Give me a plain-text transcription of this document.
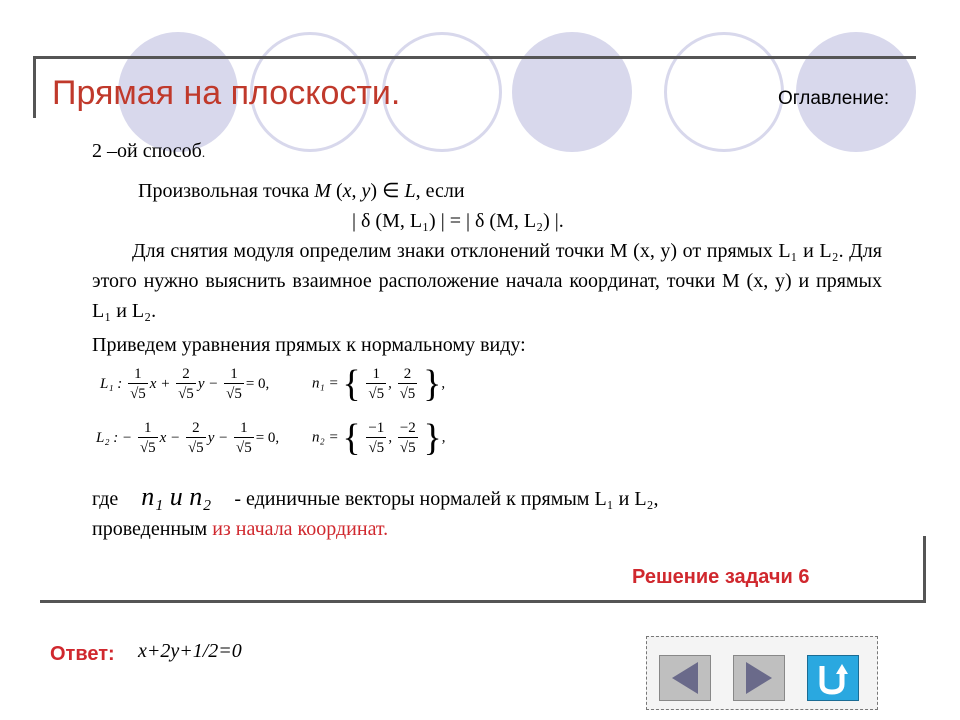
Прямая на плоскости.	Оглавление:
2 –ой способ.
Произвольная точка M (x, y) ∈ L, если
| δ (M, L₁) | = | δ (M, L₂) |.
Для снятия модуля определим знаки отклонений точки M (x, y) от прямых L₁ и L₂. Для этого нужно выяснить взаимное расположение начала координат, точки M (x, y) и прямых L₁ и L₂.
Приведем уравнения прямых к нормальному виду:
L₁ : $\frac{1}{√5}$ $x + \frac{2}{√5}$ $y - \frac{1}{√5} = 0$,	n₁ = { $\frac{1}{√5}$ , $\frac{2}{√5}$ },
L₂ : − $\frac{1}{√5}$ $x - \frac{2}{√5}$ $y - \frac{1}{√5} = 0$, n₂ = { $\frac{-1}{√5}$ , $\frac{-2}{√5}$ },
где n₁ и n₂ - единичные векторы нормалей к прямым L₁ и L₂,
проведенным из начала координат.
Решение задачи 6
Ответ: x+2y+1/2=0
